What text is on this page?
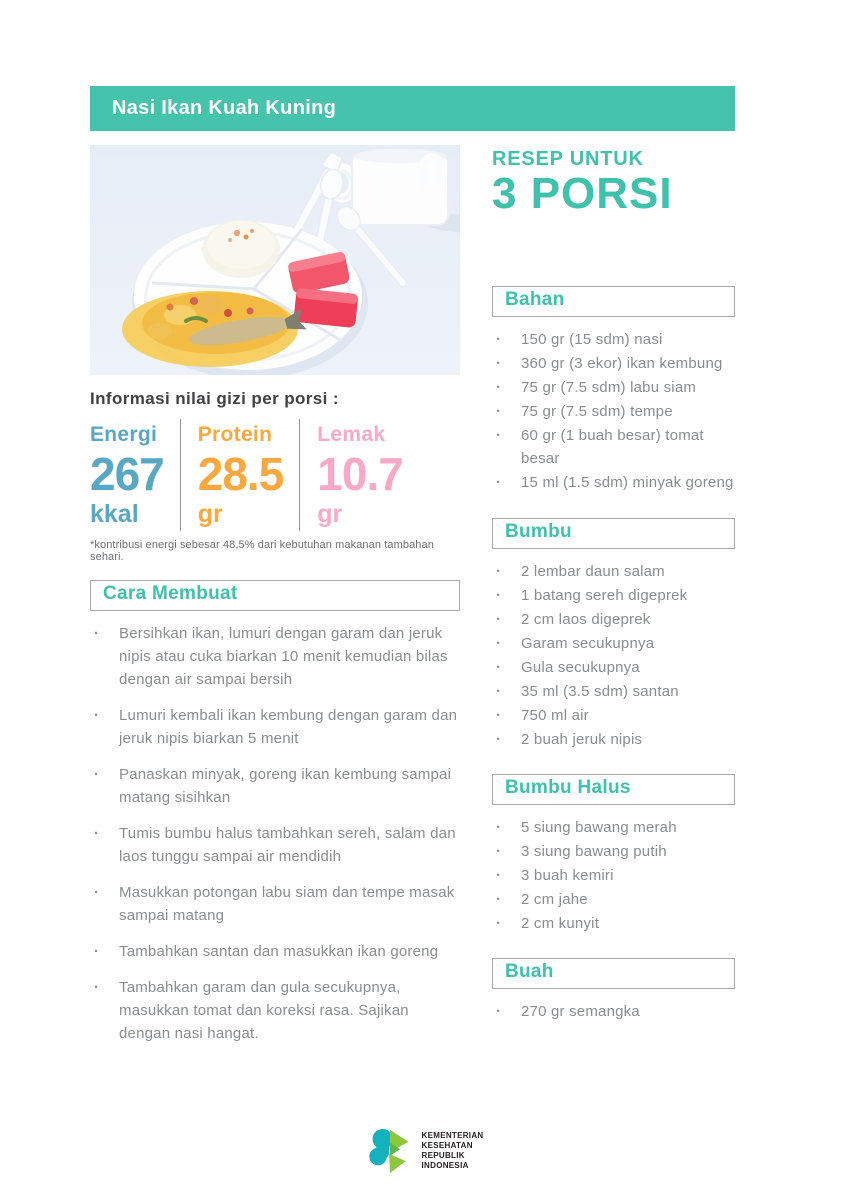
Nasi Ikan Kuah Kuning
Informasi nilai gizi per porsi :
Energi
267
kkal
Protein
28.5
gr
Lemak
10.7
gr
*kontribusi energi sebesar 48,5% dari kebutuhan makanan tambahan sehari.
Cara Membuat
· Bersihkan ikan, lumuri dengan garam dan jeruk nipis atau cuka biarkan 10 menit kemudian bilas dengan air sampai bersih
· Lumuri kembali ikan kembung dengan garam dan jeruk nipis biarkan 5 menit
· Panaskan minyak, goreng ikan kembung sampai matang sisihkan
· Tumis bumbu halus tambahkan sereh, salam dan laos tunggu sampai air mendidih
· Masukkan potongan labu siam dan tempe masak sampai matang
· Tambahkan santan dan masukkan ikan goreng
· Tambahkan garam dan gula secukupnya, masukkan tomat dan koreksi rasa. Sajikan dengan nasi hangat.
RESEP UNTUK
3 PORSI
Bahan
· 150 gr (15 sdm) nasi
· 360 gr (3 ekor) ikan kembung
· 75 gr (7.5 sdm) labu siam
· 75 gr (7.5 sdm) tempe
· 60 gr (1 buah besar) tomat besar
· 15 ml (1.5 sdm) minyak goreng
Bumbu
· 2 lembar daun salam
· 1 batang sereh digeprek
· 2 cm laos digeprek
· Garam secukupnya
· Gula secukupnya
· 35 ml (3.5 sdm) santan
· 750 ml air
· 2 buah jeruk nipis
Bumbu Halus
· 5 siung bawang merah
· 3 siung bawang putih
· 3 buah kemiri
· 2 cm jahe
· 2 cm kunyit
Buah
· 270 gr semangka
KEMENTERIAN
KESEHATAN
REPUBLIK
INDONESIA
